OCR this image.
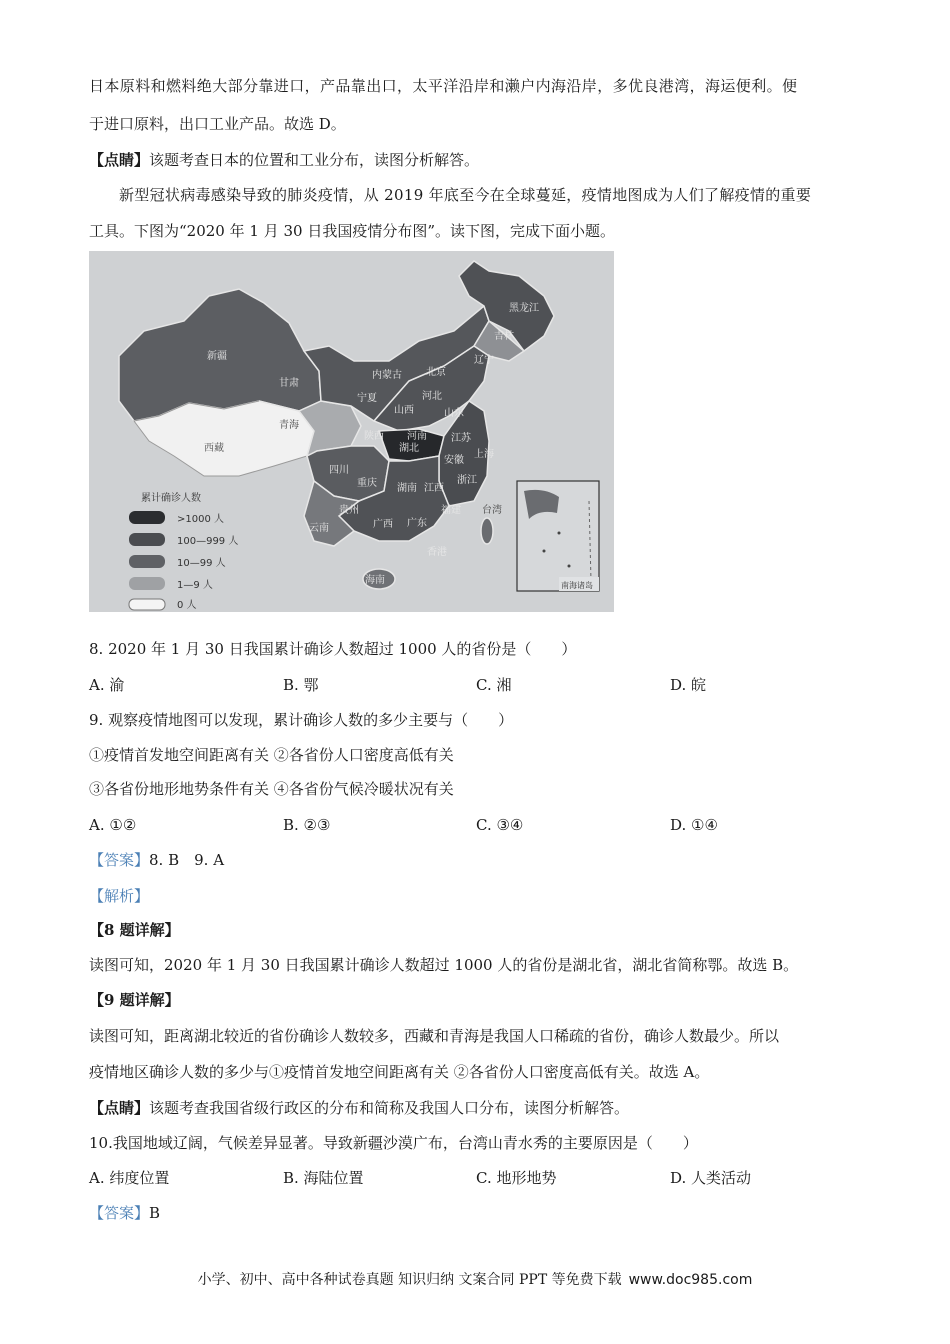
日本原料和燃料绝大部分靠进口，产品靠出口，太平洋沿岸和濑户内海沿岸，多优良港湾，海运便利。便
于进口原料，出口工业产品。故选 D。
【点睛】该题考查日本的位置和工业分布，读图分析解答。
新型冠状病毒感染导致的肺炎疫情，从 2019 年底至今在全球蔓延，疫情地图成为人们了解疫情的重要
工具。下图为“2020 年 1 月 30 日我国疫情分布图”。读下图，完成下面小题。
新疆
西藏
青海
甘肃
内蒙古
宁夏
山西
河北
北京
辽宁
吉林
黑龙江
陕西 河南
山东
四川
湖北
安徽
江苏
上海
重庆 湖南 江西
浙江
贵州
云南	广西 广东
福建
香港
海南
台湾
累计确诊人数
>1000 人
100—999 人
10—99 人
1—9 人
0 人
南海诸岛
8. 2020 年 1 月 30 日我国累计确诊人数超过 1000 人的省份是（　　）
A. 渝	B. 鄂	C. 湘	D. 皖
9. 观察疫情地图可以发现，累计确诊人数的多少主要与（　　）
①疫情首发地空间距离有关 ②各省份人口密度高低有关
③各省份地形地势条件有关 ④各省份气候冷暖状况有关
A. ①②	B. ②③	C. ③④	D. ①④
【答案】8. B　9. A
【解析】
【8 题详解】
读图可知，2020 年 1 月 30 日我国累计确诊人数超过 1000 人的省份是湖北省，湖北省简称鄂。故选 B。
【9 题详解】
读图可知，距离湖北较近的省份确诊人数较多，西藏和青海是我国人口稀疏的省份，确诊人数最少。所以
疫情地区确诊人数的多少与①疫情首发地空间距离有关 ②各省份人口密度高低有关。故选 A。
【点睛】该题考查我国省级行政区的分布和简称及我国人口分布，读图分析解答。
10.我国地域辽阔，气候差异显著。导致新疆沙漠广布，台湾山青水秀的主要原因是（　　）
A. 纬度位置	B. 海陆位置	C. 地形地势	D. 人类活动
【答案】B
小学、初中、高中各种试卷真题 知识归纳 文案合同 PPT 等免费下载  www.doc985.com
